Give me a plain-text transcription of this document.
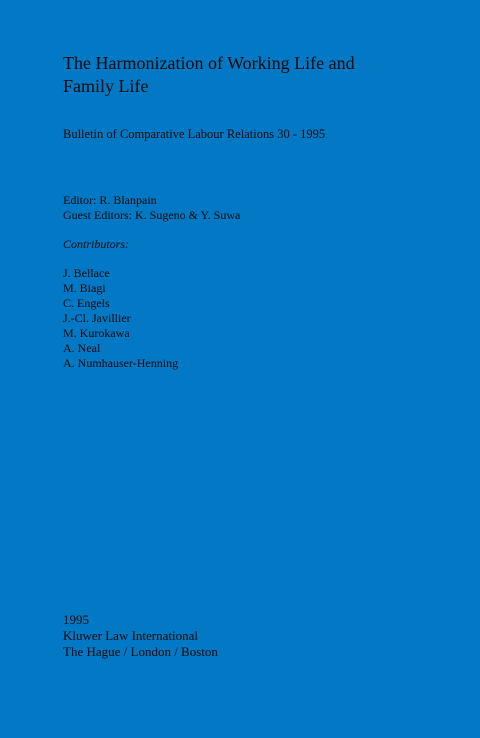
The Harmonization of Working Life and
Family Life

Bulletin of Comparative Labour Relations 30 - 1995

Editor: R. Blanpain
Guest Editors: K. Sugeno & Y. Suwa
Contributors:
J. Bellace
M. Biagi
C. Engels
J.-Cl. Javillier
M. Kurokawa
A. Neal
A. Numhauser-Henning
1995
Kluwer Law International
The Hague / London / Boston
